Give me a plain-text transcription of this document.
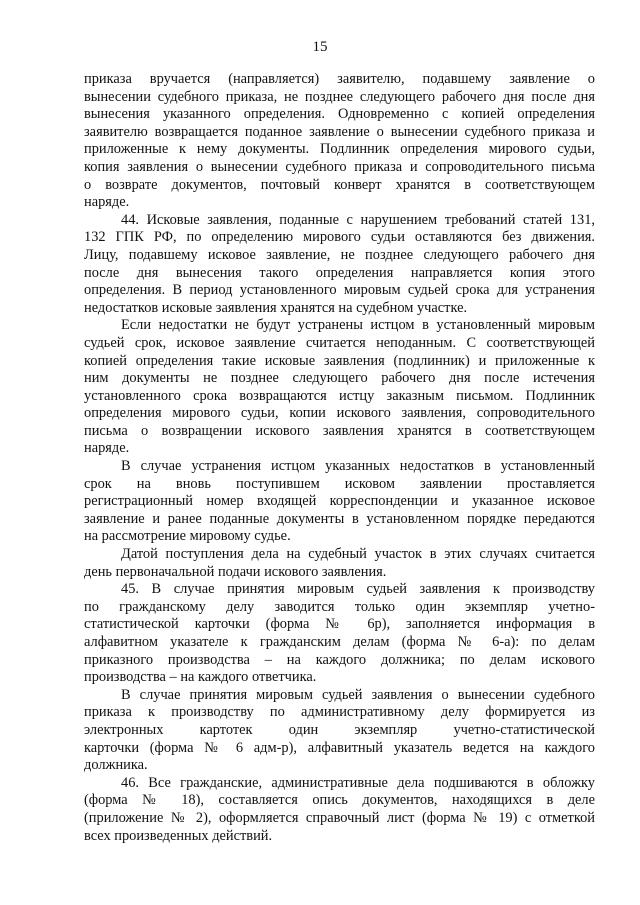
15
приказа вручается (направляется) заявителю, подавшему заявление о
вынесении судебного приказа, не позднее следующего рабочего дня после дня
вынесения указанного определения. Одновременно с копией определения
заявителю возвращается поданное заявление о вынесении судебного приказа и
приложенные к нему документы. Подлинник определения мирового судьи,
копия заявления о вынесении судебного приказа и сопроводительного письма
о возврате документов, почтовый конверт хранятся в соответствующем
наряде.
44. Исковые заявления, поданные с нарушением требований статей 131,
132 ГПК РФ, по определению мирового судьи оставляются без движения.
Лицу, подавшему исковое заявление, не позднее следующего рабочего дня
после дня вынесения такого определения направляется копия этого
определения. В период установленного мировым судьей срока для устранения
недостатков исковые заявления хранятся на судебном участке.
Если недостатки не будут устранены истцом в установленный мировым
судьей срок, исковое заявление считается неподанным. С соответствующей
копией определения такие исковые заявления (подлинник) и приложенные к
ним документы не позднее следующего рабочего дня после истечения
установленного срока возвращаются истцу заказным письмом. Подлинник
определения мирового судьи, копии искового заявления, сопроводительного
письма о возвращении искового заявления хранятся в соответствующем
наряде.
В случае устранения истцом указанных недостатков в установленный
срок на вновь поступившем исковом заявлении проставляется
регистрационный номер входящей корреспонденции и указанное исковое
заявление и ранее поданные документы в установленном порядке передаются
на рассмотрение мировому судье.
Датой поступления дела на судебный участок в этих случаях считается
день первоначальной подачи искового заявления.
45. В случае принятия мировым судьей заявления к производству
по гражданскому делу заводится только один экземпляр учетно-
статистической карточки (форма № 6р), заполняется информация в
алфавитном указателе к гражданским делам (форма № 6-а): по делам
приказного производства – на каждого должника; по делам искового
производства – на каждого ответчика.
В случае принятия мировым судьей заявления о вынесении судебного
приказа к производству по административному делу формируется из
электронных картотек один экземпляр учетно-статистической
карточки (форма № 6 адм-р), алфавитный указатель ведется на каждого
должника.
46. Все гражданские, административные дела подшиваются в обложку
(форма № 18), составляется опись документов, находящихся в деле
(приложение № 2), оформляется справочный лист (форма № 19) с отметкой
всех произведенных действий.
